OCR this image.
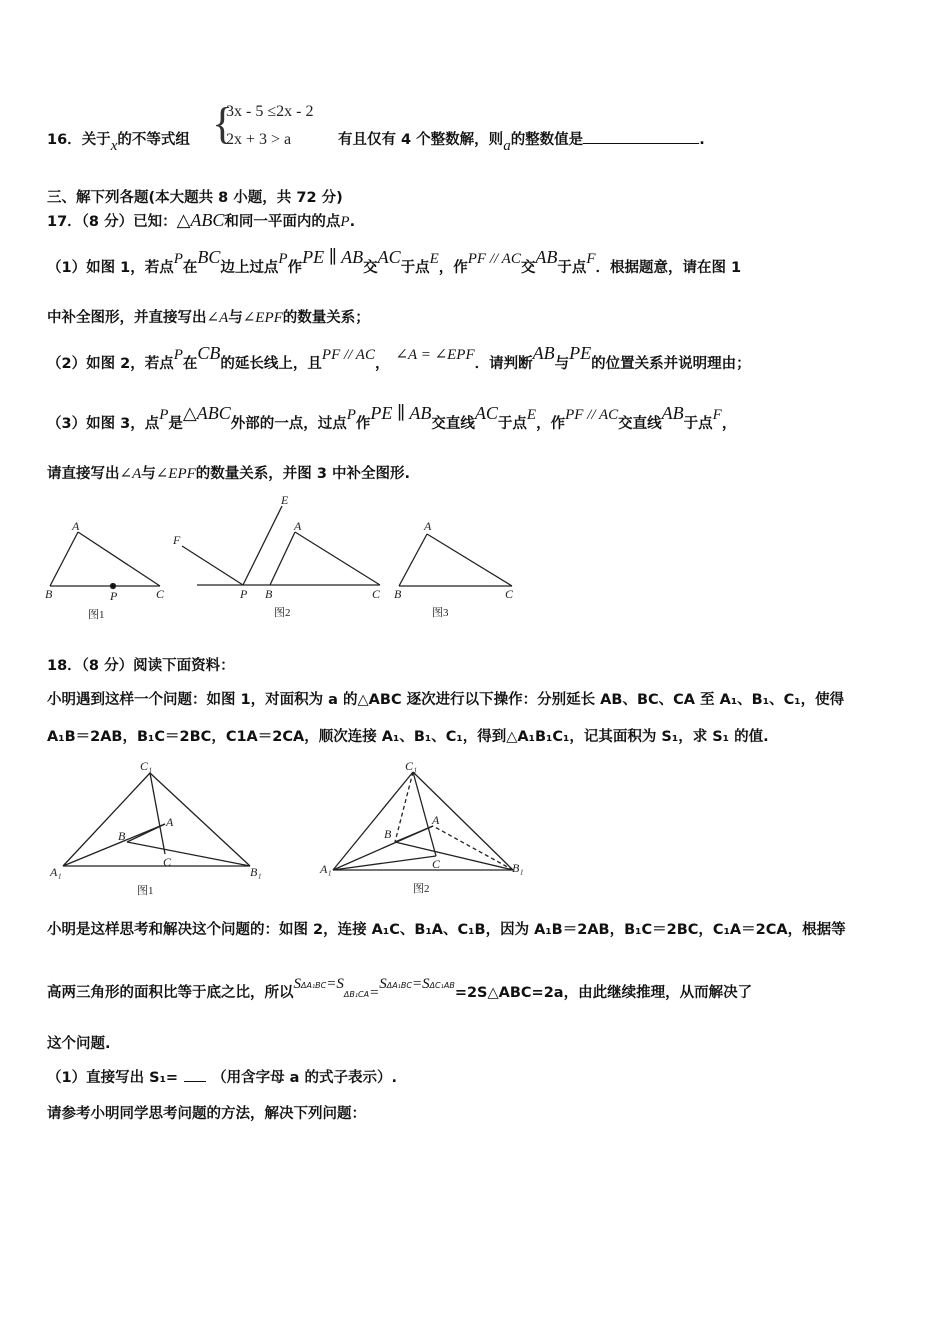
16．关于x的不等式组 {
3x - 5 ≤2x - 2
2x + 3 > a	有且仅有 4 个整数解，则a的整数值是	.
三、解下列各题(本大题共 8 小题，共 72 分)
17．（8 分）已知：△ABC和同一平面内的点P.
（1）如图 1，若点P在BC边上过点P作PE ∥ AB交AC于点E，作PF // AC交AB于点F．根据题意，请在图 1
中补全图形，并直接写出∠A与∠EPF的数量关系；
（2）如图 2，若点P在CB的延长线上，且PF // AC，∠A = ∠EPF．请判断AB与PE的位置关系并说明理由；
（3）如图 3，点P是△ABC外部的一点，过点P作PE ∥ AB交直线AC于点E，作PF // AC交直线AB于点F，
请直接写出∠A与∠EPF的数量关系，并图 3 中补全图形.
A
B	C
P
图1
E
F
A
P B	C
图2
A
B	C
图3
18．（8 分）阅读下面资料：
小明遇到这样一个问题：如图 1，对面积为 a 的△ABC 逐次进行以下操作：分别延长 AB、BC、CA 至 A₁、B₁、C₁，使得
A₁B＝2AB，B₁C＝2BC，C1A＝2CA，顺次连接 A₁、B₁、C₁，得到△A₁B₁C₁，记其面积为 S₁，求 S₁ 的值.
C₁
A₁	B₁
A
B
C
图1
C₁
A₁	B₁
A
B
C
图2
小明是这样思考和解决这个问题的：如图 2，连接 A₁C、B₁A、C₁B，因为 A₁B＝2AB，B₁C＝2BC，C₁A＝2CA，根据等
高两三角形的面积比等于底之比，所以$S^{\Delta A_1BC}=S\Delta B_1CA=S^{\Delta A_1BC}=S^{\Delta C_1AB}=2S\triangle ABC=2a$，由此继续推理，从而解决了
这个问题.
（1）直接写出 S₁= （用含字母 a 的式子表示）.
请参考小明同学思考问题的方法，解决下列问题：
